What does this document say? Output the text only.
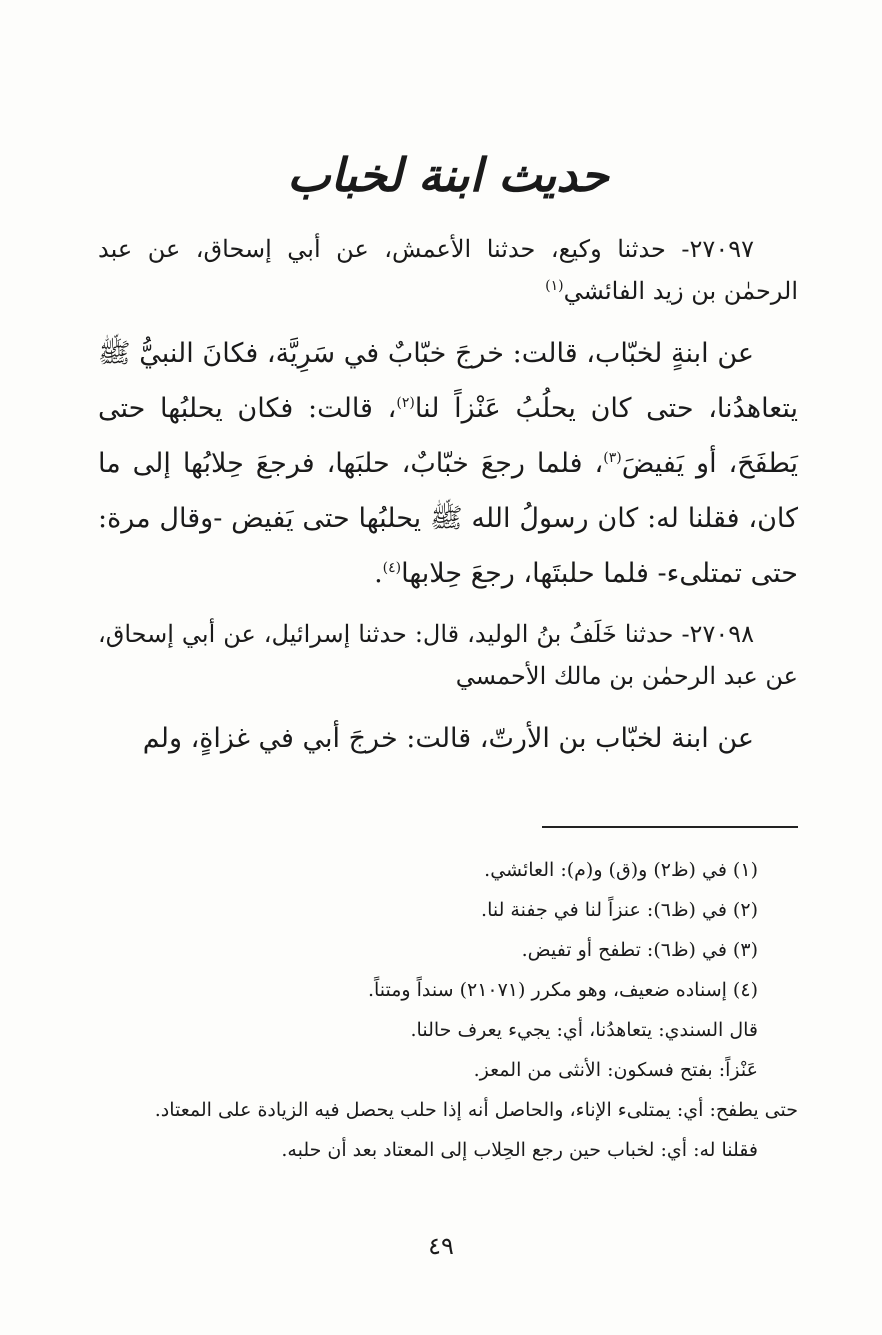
حديث ابنة لخباب

٢٧٠٩٧- حدثنا وكيع، حدثنا الأعمش، عن أبي إسحاق، عن عبد الرحمٰن بن زيد الفائشي$^{(١)}$

عن ابنةٍ لخبّاب، قالت: خرجَ خبّابٌ في سَرِيَّة، فكانَ النبيُّ ﷺ يتعاهدُنا، حتى كان يحلُبُ عَنْزاً لنا$^{(٢)}$، قالت: فكان يحلبُها حتى يَطفَحَ، أو يَفيضَ$^{(٣)}$، فلما رجعَ خبّابٌ، حلبَها، فرجعَ حِلابُها إلى ما كان، فقلنا له: كان رسولُ الله ﷺ يحلبُها حتى يَفيض -وقال مرة: حتى تمتلىء- فلما حلبتَها، رجعَ حِلابها$^{(٤)}$.

٢٧٠٩٨- حدثنا خَلَفُ بنُ الوليد، قال: حدثنا إسرائيل، عن أبي إسحاق، عن عبد الرحمٰن بن مالك الأحمسي

عن ابنة لخبّاب بن الأرتّ، قالت: خرجَ أبي في غزاةٍ، ولم

(١) في (ظ٢) و(ق) و(م): العائشي.

(٢) في (ظ٦): عنزاً لنا في جفنة لنا.

(٣) في (ظ٦): تطفح أو تفيض.

(٤) إسناده ضعيف، وهو مكرر (٢١٠٧١) سنداً ومتناً.

قال السندي: يتعاهدُنا، أي: يجيء يعرف حالنا.

عَنْزاً: بفتح فسكون: الأنثى من المعز.

حتى يطفح: أي: يمتلىء الإناء، والحاصل أنه إذا حلب يحصل فيه الزيادة على المعتاد.

فقلنا له: أي: لخباب حين رجع الحِلاب إلى المعتاد بعد أن حلبه.

٤٩
